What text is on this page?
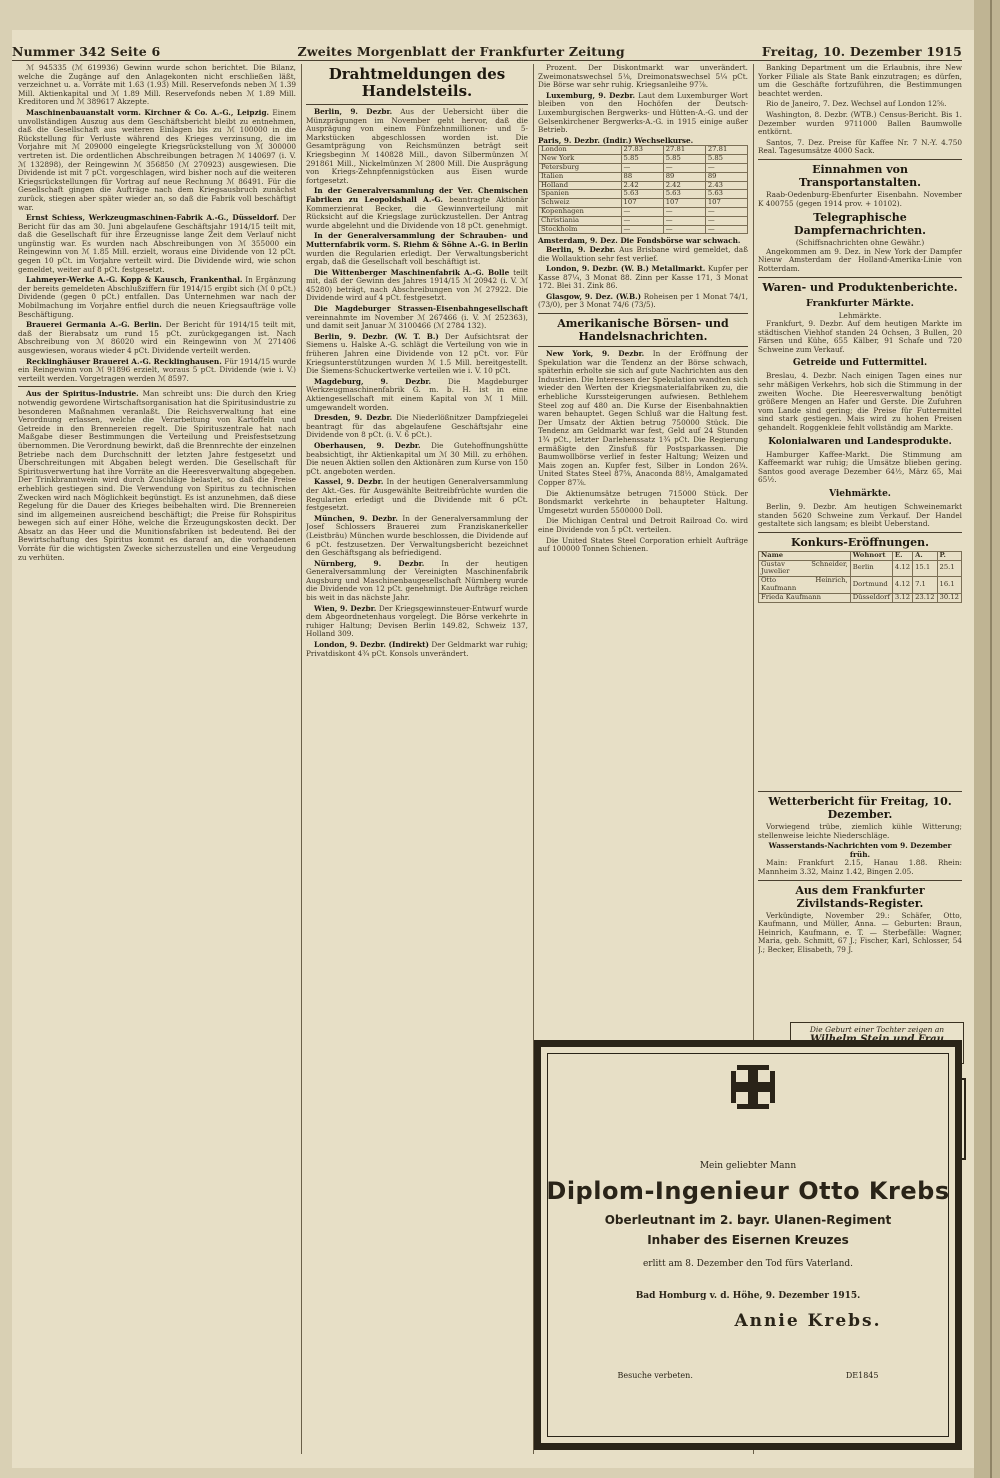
Nummer 342 Seite 6	Zweites Morgenblatt der Frankfurter Zeitung	Freitag, 10. Dezember 1915

ℳ 945335 (ℳ 619936) Gewinn wurde schon berichtet. Die Bilanz, welche die Zugänge auf den Anlagekonten nicht erschließen läßt, verzeichnet u. a. Vorräte mit 1.63 (1.93) Mill. Reservefonds neben ℳ 1.39 Mill. Aktienkapital und ℳ 1.89 Mill. Reservefonds neben ℳ 1.89 Mill. Kreditoren und ℳ 389617 Akzepte.

Maschinenbauanstalt vorm. Kirchner & Co. A.-G., Leipzig. Einem unvollständigen Auszug aus dem Geschäftsbericht bleibt zu entnehmen, daß die Gesellschaft aus weiteren Einlagen bis zu ℳ 100000 in die Rückstellung für Verluste während des Krieges verzinsung, die im Vorjahre mit ℳ 209000 eingelegte Kriegsrückstellung von ℳ 300000 vertreten ist. Die ordentlichen Abschreibungen betragen ℳ 140697 (i. V. ℳ 132898), der Reingewinn ℳ 356850 (ℳ 270923) ausgewiesen. Die Dividende ist mit 7 pCt. vorgeschlagen, wird bisher noch auf die weiteren Kriegsrückstellungen für Vortrag auf neue Rechnung ℳ 86491. Für die Gesellschaft gingen die Aufträge nach dem Kriegsausbruch zunächst zurück, stiegen aber später wieder an, so daß die Fabrik voll beschäftigt war.

Ernst Schiess, Werkzeugmaschinen-Fabrik A.-G., Düsseldorf. Der Bericht für das am 30. Juni abgelaufene Geschäftsjahr 1914/15 teilt mit, daß die Gesellschaft für ihre Erzeugnisse lange Zeit dem Verlauf nicht ungünstig war. Es wurden nach Abschreibungen von ℳ 355000 ein Reingewinn von ℳ 1.85 Mill. erzielt, woraus eine Dividende von 12 pCt. gegen 10 pCt. im Vorjahre verteilt wird. Die Dividende wird, wie schon gemeldet, weiter auf 8 pCt. festgesetzt.

Lahmeyer-Werke A.-G. Kopp & Kausch, Frankenthal. In Ergänzung der bereits gemeldeten Abschlußziffern für 1914/15 ergibt sich (ℳ 0 pCt.) Dividende (gegen 0 pCt.) entfallen. Das Unternehmen war nach der Mobilmachung im Vorjahre entfiel durch die neuen Kriegsaufträge volle Beschäftigung.

Brauerei Germania A.-G. Berlin. Der Bericht für 1914/15 teilt mit, daß der Bierabsatz um rund 15 pCt. zurückgegangen ist. Nach Abschreibung von ℳ 86020 wird ein Reingewinn von ℳ 271406 ausgewiesen, woraus wieder 4 pCt. Dividende verteilt werden.

Recklinghäuser Brauerei A.-G. Recklinghausen. Für 1914/15 wurde ein Reingewinn von ℳ 91896 erzielt, woraus 5 pCt. Dividende (wie i. V.) verteilt werden. Vorgetragen werden ℳ 8597.

Aus der Spiritus-Industrie. Man schreibt uns: Die durch den Krieg notwendig gewordene Wirtschaftsorganisation hat die Spiritusindustrie zu besonderen Maßnahmen veranlaßt. Die Reichsverwaltung hat eine Verordnung erlassen, welche die Verarbeitung von Kartoffeln und Getreide in den Brennereien regelt. Die Spirituszentrale hat nach Maßgabe dieser Bestimmungen die Verteilung und Preisfestsetzung übernommen. Die Verordnung bewirkt, daß die Brennrechte der einzelnen Betriebe nach dem Durchschnitt der letzten Jahre festgesetzt und Überschreitungen mit Abgaben belegt werden. Die Gesellschaft für Spiritusverwertung hat ihre Vorräte an die Heeresverwaltung abgegeben. Der Trinkbranntwein wird durch Zuschläge belastet, so daß die Preise erheblich gestiegen sind. Die Verwendung von Spiritus zu technischen Zwecken wird nach Möglichkeit begünstigt. Es ist anzunehmen, daß diese Regelung für die Dauer des Krieges beibehalten wird. Die Brennereien sind im allgemeinen ausreichend beschäftigt; die Preise für Rohspiritus bewegen sich auf einer Höhe, welche die Erzeugungskosten deckt. Der Absatz an das Heer und die Munitionsfabriken ist bedeutend. Bei der Bewirtschaftung des Spiritus kommt es darauf an, die vorhandenen Vorräte für die wichtigsten Zwecke sicherzustellen und eine Vergeudung zu verhüten.

Drahtmeldungen des Handelsteils.

Berlin, 9. Dezbr. Aus der Uebersicht über die Münzprägungen im November geht hervor, daß die Ausprägung von einem Fünfzehnmillionen- und 5-Markstücken abgeschlossen worden ist. Die Gesamtprägung von Reichsmünzen beträgt seit Kriegsbeginn ℳ 140828 Mill., davon Silbermünzen ℳ 291861 Mill., Nickelmünzen ℳ 2800 Mill. Die Ausprägung von Kriegs-Zehnpfennigstücken aus Eisen wurde fortgesetzt.

In der Generalversammlung der Ver. Chemischen Fabriken zu Leopoldshall A.-G. beantragte Aktionär Kommerzienrat Becker, die Gewinnverteilung mit Rücksicht auf die Kriegslage zurückzustellen. Der Antrag wurde abgelehnt und die Dividende von 18 pCt. genehmigt.

In der Generalversammlung der Schrauben- und Mutternfabrik vorm. S. Riehm & Söhne A.-G. in Berlin wurden die Regularien erledigt. Der Verwaltungsbericht ergab, daß die Gesellschaft voll beschäftigt ist.

Die Wittenberger Maschinenfabrik A.-G. Bolle teilt mit, daß der Gewinn des Jahres 1914/15 ℳ 20942 (i. V. ℳ 45280) beträgt, nach Abschreibungen von ℳ 27922. Die Dividende wird auf 4 pCt. festgesetzt.

Die Magdeburger Strassen-Eisenbahngesellschaft vereinnahmte im November ℳ 267466 (i. V. ℳ 252363), und damit seit Januar ℳ 3100466 (ℳ 2784 132).

Berlin, 9. Dezbr. (W. T. B.) Der Aufsichtsrat der Siemens u. Halske A.-G. schlägt die Verteilung von wie in früheren Jahren eine Dividende von 12 pCt. vor. Für Kriegsunterstützungen wurden ℳ 1.5 Mill. bereitgestellt. Die Siemens-Schuckertwerke verteilen wie i. V. 10 pCt.

Magdeburg, 9. Dezbr. Die Magdeburger Werkzeugmaschinenfabrik G. m. b. H. ist in eine Aktiengesellschaft mit einem Kapital von ℳ 1 Mill. umgewandelt worden.

Dresden, 9. Dezbr. Die Niederlößnitzer Dampfziegelei beantragt für das abgelaufene Geschäftsjahr eine Dividende von 8 pCt. (i. V. 6 pCt.).

Oberhausen, 9. Dezbr. Die Gutehoffnungshütte beabsichtigt, ihr Aktienkapital um ℳ 30 Mill. zu erhöhen. Die neuen Aktien sollen den Aktionären zum Kurse von 150 pCt. angeboten werden.

Kassel, 9. Dezbr. In der heutigen Generalversammlung der Akt.-Ges. für Ausgewählte Beitreibfrüchte wurden die Regularien erledigt und die Dividende mit 6 pCt. festgesetzt.

München, 9. Dezbr. In der Generalversammlung der Josef Schlossers Brauerei zum Franziskanerkeller (Leistbräu) München wurde beschlossen, die Dividende auf 6 pCt. festzusetzen. Der Verwaltungsbericht bezeichnet den Geschäftsgang als befriedigend.

Nürnberg, 9. Dezbr. In der heutigen Generalversammlung der Vereinigten Maschinenfabrik Augsburg und Maschinenbaugesellschaft Nürnberg wurde die Dividende von 12 pCt. genehmigt. Die Aufträge reichen bis weit in das nächste Jahr.

Wien, 9. Dezbr. Der Kriegsgewinnsteuer-Entwurf wurde dem Abgeordnetenhaus vorgelegt. Die Börse verkehrte in ruhiger Haltung; Devisen Berlin 149.82, Schweiz 137, Holland 309.

London, 9. Dezbr. (Indirekt) Der Geldmarkt war ruhig; Privatdiskont 4¾ pCt. Konsols unverändert.

Prozent. Der Diskontmarkt war unverändert. Zweimonatswechsel 5⅛, Dreimonatswechsel 5¼ pCt. Die Börse war sehr ruhig. Kriegsanleihe 97⅞.

Luxemburg, 9. Dezbr. Laut dem Luxemburger Wort bleiben von den Hochöfen der Deutsch-Luxemburgischen Bergwerks- und Hütten-A.-G. und der Gelsenkirchener Bergwerks-A.-G. in 1915 einige außer Betrieb.

Paris, 9. Dezbr. (Indir.) Wechselkurse.
London	27.83	27.81	27.81
New York	5.85	5.85	5.85
Petersburg	—	—	—
Italien	88	89	89
Holland	2.42	2.42	2.43
Spanien	5.63	5.63	5.63
Schweiz	107	107	107
Kopenhagen	—	—	—
Christiania	—	—	—
Stockholm	—	—	—
Amsterdam, 9. Dez. Die Fondsbörse war schwach.

Berlin, 9. Dezbr. Aus Brisbane wird gemeldet, daß die Wollauktion sehr fest verlief.

London, 9. Dezbr. (W. B.) Metallmarkt. Kupfer per Kasse 87¼, 3 Monat 88. Zinn per Kasse 171, 3 Monat 172. Blei 31. Zink 86.

Glasgow, 9. Dez. (W.B.) Roheisen per 1 Monat 74/1, (73/0), per 3 Monat 74/6 (73/5).

Amerikanische Börsen- und Handelsnachrichten.

New York, 9. Dezbr. In der Eröffnung der Spekulation war die Tendenz an der Börse schwach, späterhin erholte sie sich auf gute Nachrichten aus den Industrien. Die Interessen der Spekulation wandten sich wieder den Werten der Kriegsmaterialfabriken zu, die erhebliche Kurssteigerungen aufwiesen. Bethlehem Steel zog auf 480 an. Die Kurse der Eisenbahnaktien waren behauptet. Gegen Schluß war die Haltung fest. Der Umsatz der Aktien betrug 750000 Stück. Die Tendenz am Geldmarkt war fest, Geld auf 24 Stunden 1¾ pCt., letzter Darlehenssatz 1¾ pCt. Die Regierung ermäßigte den Zinsfuß für Postsparkassen. Die Baumwollbörse verlief in fester Haltung; Weizen und Mais zogen an. Kupfer fest, Silber in London 26¾. United States Steel 87⅝, Anaconda 88½, Amalgamated Copper 87⅞.

Die Aktienumsätze betrugen 715000 Stück. Der Bondsmarkt verkehrte in behaupteter Haltung. Umgesetzt wurden 5500000 Doll.

Die Michigan Central und Detroit Railroad Co. wird eine Dividende von 5 pCt. verteilen.

Die United States Steel Corporation erhielt Aufträge auf 100000 Tonnen Schienen.

Banking Department um die Erlaubnis, ihre New Yorker Filiale als State Bank einzutragen; es dürfen, um die Geschäfte fortzuführen, die Bestimmungen beachtet werden.

Rio de Janeiro, 7. Dez. Wechsel auf London 12⅝.

Washington, 8. Dezbr. (WTB.) Census-Bericht. Bis 1. Dezember wurden 9711000 Ballen Baumwolle entkörnt.

Santos, 7. Dez. Preise für Kaffee Nr. 7 N.-Y. 4.750 Real. Tagesumsätze 4000 Sack.

Einnahmen von Transportanstalten.

Raab-Oedenburg-Ebenfurter Eisenbahn. November K 400755 (gegen 1914 prov. + 10102).

Telegraphische Dampfernachrichten.
(Schiffsnachrichten ohne Gewähr.)

Angekommen am 9. Dez. in New York der Dampfer Nieuw Amsterdam der Holland-Amerika-Linie von Rotterdam.

Waren- und Produktenberichte.
Frankfurter Märkte.
Lehmärkte.

Frankfurt, 9. Dezbr. Auf dem heutigen Markte im städtischen Viehhof standen 24 Ochsen, 3 Bullen, 20 Färsen und Kühe, 655 Kälber, 91 Schafe und 720 Schweine zum Verkauf.

Getreide und Futtermittel.

Breslau, 4. Dezbr. Nach einigen Tagen eines nur sehr mäßigen Verkehrs, hob sich die Stimmung in der zweiten Woche. Die Heeresverwaltung benötigt größere Mengen an Hafer und Gerste. Die Zufuhren vom Lande sind gering; die Preise für Futtermittel sind stark gestiegen. Mais wird zu hohen Preisen gehandelt. Roggenkleie fehlt vollständig am Markte.

Kolonialwaren und Landesprodukte.

Hamburger Kaffee-Markt. Die Stimmung am Kaffeemarkt war ruhig; die Umsätze blieben gering. Santos good average Dezember 64½, März 65, Mai 65½.

Viehmärkte.

Berlin, 9. Dezbr. Am heutigen Schweinemarkt standen 5620 Schweine zum Verkauf. Der Handel gestaltete sich langsam; es bleibt Ueberstand.

Konkurs-Eröffnungen.
Name	Wohnort	E.	A.	P.
Gustav Schneider, Juwelier	Berlin	4.12	15.1	25.1
Otto Heinrich, Kaufmann	Dortmund	4.12	7.1	16.1
Frieda Kaufmann	Düsseldorf	3.12	23.12	30.12
Wetterbericht für Freitag, 10. Dezember.

Vorwiegend trübe, ziemlich kühle Witterung; stellenweise leichte Niederschläge.

Wasserstands-Nachrichten vom 9. Dezember früh.

Main: Frankfurt 2.15, Hanau 1.88. Rhein: Mannheim 3.32, Mainz 1.42, Bingen 2.05.

Aus dem Frankfurter Zivilstands-Register.

Verkündigte, November 29.: Schäfer, Otto, Kaufmann, und Müller, Anna. — Geburten: Braun, Heinrich, Kaufmann, e. T. — Sterbefälle: Wagner, Maria, geb. Schmitt, 67 J.; Fischer, Karl, Schlosser, 54 J.; Becker, Elisabeth, 79 J.

Die Geburt einer Tochter zeigen an
Mein geliebter Mann
Diplom-Ingenieur Otto Krebs
Oberleutnant im 2. bayr. Ulanen-Regiment
Inhaber des Eisernen Kreuzes
erlitt am 8. Dezember den Tod fürs Vaterland.
Bad Homburg v. d. Höhe, 9. Dezember 1915.
Annie Krebs.
Besuche verbeten.	DE1845
